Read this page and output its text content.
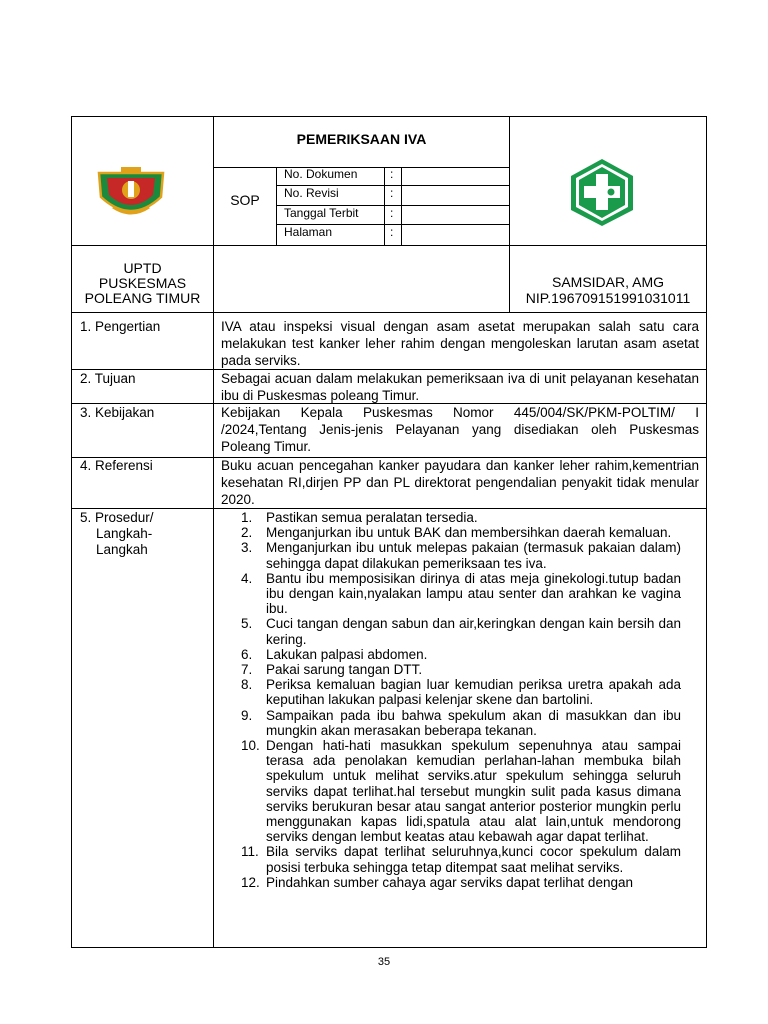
PEMERIKSAAN IVA
SOP
No. Dokumen	:
No. Revisi	:
Tanggal Terbit	:
Halaman	:
UPTD
PUSKESMAS
POLEANG TIMUR
SAMSIDAR, AMG
NIP.196709151991031011
1. Pengertian	IVA atau inspeksi visual dengan asam asetat merupakan salah satu cara melakukan test kanker leher rahim dengan mengoleskan larutan asam asetat pada serviks.
2. Tujuan	Sebagai acuan dalam melakukan pemeriksaan iva di unit pelayanan kesehatan ibu di Puskesmas poleang Timur.
3. Kebijakan	Kebijakan Kepala Puskesmas Nomor 445/004/SK/PKM-POLTIM/ I /2024,Tentang Jenis-jenis Pelayanan yang disediakan oleh Puskesmas Poleang Timur.
4. Referensi	Buku acuan pencegahan kanker payudara dan kanker leher rahim,kementrian kesehatan RI,dirjen PP dan PL direktorat pengendalian penyakit tidak menular 2020.
5. Prosedur/
Langkah-
Langkah
1.	Pastikan semua peralatan tersedia.
2.	Menganjurkan ibu untuk BAK dan membersihkan daerah kemaluan.
3.	Menganjurkan ibu untuk melepas pakaian (termasuk pakaian dalam) sehingga dapat dilakukan pemeriksaan tes iva.
4.	Bantu ibu memposisikan dirinya di atas meja ginekologi.tutup badan ibu dengan kain,nyalakan lampu atau senter dan arahkan ke vagina ibu.
5.	Cuci tangan dengan sabun dan air,keringkan dengan kain bersih dan kering.
6.	Lakukan palpasi abdomen.
7.	Pakai sarung tangan DTT.
8.	Periksa kemaluan bagian luar kemudian periksa uretra apakah ada keputihan lakukan palpasi kelenjar skene dan bartolini.
9.	Sampaikan pada ibu bahwa spekulum akan di masukkan dan ibu mungkin akan merasakan beberapa tekanan.
10. Dengan hati-hati masukkan spekulum sepenuhnya atau sampai terasa ada penolakan kemudian perlahan-lahan membuka bilah spekulum untuk melihat serviks.atur spekulum sehingga seluruh serviks dapat terlihat.hal tersebut mungkin sulit pada kasus dimana serviks berukuran besar atau sangat anterior posterior mungkin perlu menggunakan kapas lidi,spatula atau alat lain,untuk mendorong serviks dengan lembut keatas atau kebawah agar dapat terlihat.
11. Bila serviks dapat terlihat seluruhnya,kunci cocor spekulum dalam posisi terbuka sehingga tetap ditempat saat melihat serviks.
12. Pindahkan sumber cahaya agar serviks dapat terlihat dengan
35
